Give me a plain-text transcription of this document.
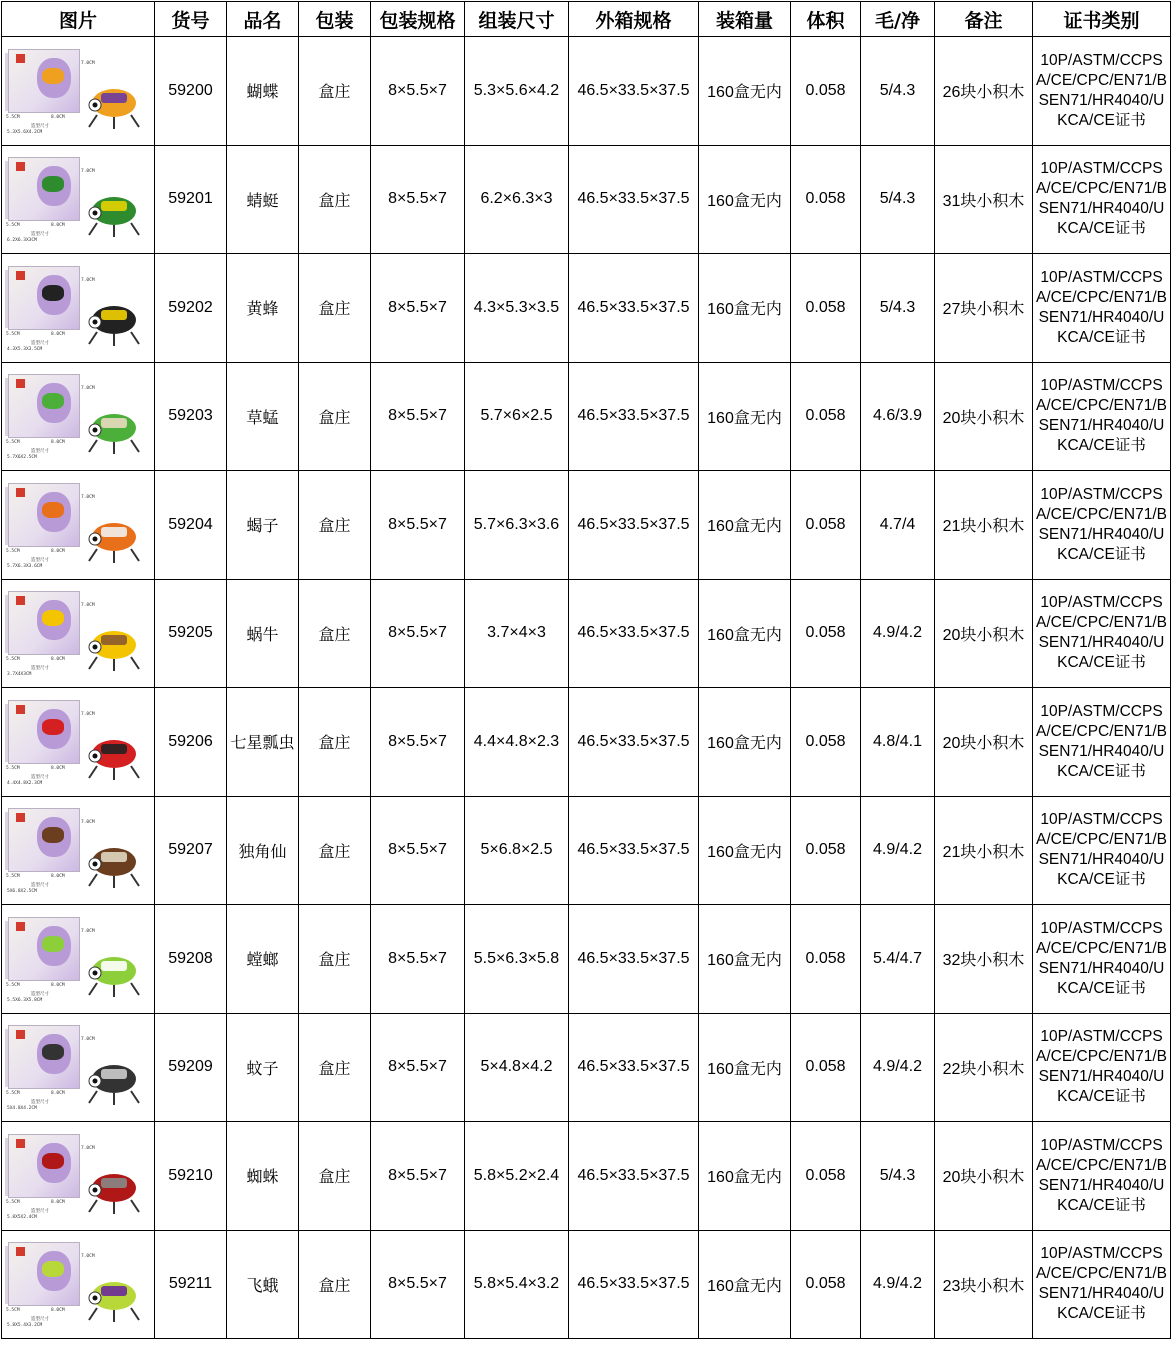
图片	货号	品名	包装	包装规格	组装尺寸	外箱规格	装箱量	体积	毛/净	备注	证书类别

7.0CM
5.5CM 8.0CM
造型尺寸
5.3X5.6X4.2CM	59200	蝴蝶	盒庄	8×5.5×7	5.3×5.6×4.2	46.5×33.5×37.5	160盒无内	0.058	5/4.3	26块小积木	10P/ASTM/CCPSA/CE/CPC/EN71/BSEN71/HR4040/UKCA/CE证书

7.0CM
5.5CM 8.0CM
造型尺寸
6.2X6.3X3CM	59201	蜻蜓	盒庄	8×5.5×7	6.2×6.3×3	46.5×33.5×37.5	160盒无内	0.058	5/4.3	31块小积木	10P/ASTM/CCPSA/CE/CPC/EN71/BSEN71/HR4040/UKCA/CE证书

7.0CM
5.5CM 8.0CM
造型尺寸
4.3X5.3X3.5CM	59202	黄蜂	盒庄	8×5.5×7	4.3×5.3×3.5	46.5×33.5×37.5	160盒无内	0.058	5/4.3	27块小积木	10P/ASTM/CCPSA/CE/CPC/EN71/BSEN71/HR4040/UKCA/CE证书

7.0CM
5.5CM 8.0CM
造型尺寸
5.7X6X2.5CM	59203	草蜢	盒庄	8×5.5×7	5.7×6×2.5	46.5×33.5×37.5	160盒无内	0.058	4.6/3.9	20块小积木	10P/ASTM/CCPSA/CE/CPC/EN71/BSEN71/HR4040/UKCA/CE证书

7.0CM
5.5CM 8.0CM
造型尺寸
5.7X6.3X3.6CM	59204	蝎子	盒庄	8×5.5×7	5.7×6.3×3.6	46.5×33.5×37.5	160盒无内	0.058	4.7/4	21块小积木	10P/ASTM/CCPSA/CE/CPC/EN71/BSEN71/HR4040/UKCA/CE证书

7.8CM
5.5CM 8.0CM
造型尺寸
3.7X4X3CM	59205	蜗牛	盒庄	8×5.5×7	3.7×4×3	46.5×33.5×37.5	160盒无内	0.058	4.9/4.2	20块小积木	10P/ASTM/CCPSA/CE/CPC/EN71/BSEN71/HR4040/UKCA/CE证书

7.0CM
5.5CM 8.0CM
造型尺寸
4.4X4.8X2.3CM	59206	七星瓢虫	盒庄	8×5.5×7	4.4×4.8×2.3	46.5×33.5×37.5	160盒无内	0.058	4.8/4.1	20块小积木	10P/ASTM/CCPSA/CE/CPC/EN71/BSEN71/HR4040/UKCA/CE证书

7.0CM
5.5CM 8.0CM
造型尺寸
5X6.8X2.5CM	59207	独角仙	盒庄	8×5.5×7	5×6.8×2.5	46.5×33.5×37.5	160盒无内	0.058	4.9/4.2	21块小积木	10P/ASTM/CCPSA/CE/CPC/EN71/BSEN71/HR4040/UKCA/CE证书

7.0CM
5.5CM 8.0CM
造型尺寸
5.5X6.3X5.8CM	59208	螳螂	盒庄	8×5.5×7	5.5×6.3×5.8	46.5×33.5×37.5	160盒无内	0.058	5.4/4.7	32块小积木	10P/ASTM/CCPSA/CE/CPC/EN71/BSEN71/HR4040/UKCA/CE证书

7.0CM
5.5CM 8.0CM
造型尺寸
5X4.8X4.2CM	59209	蚊子	盒庄	8×5.5×7	5×4.8×4.2	46.5×33.5×37.5	160盒无内	0.058	4.9/4.2	22块小积木	10P/ASTM/CCPSA/CE/CPC/EN71/BSEN71/HR4040/UKCA/CE证书

7.0CM
5.5CM 8.0CM
造型尺寸
5.8X5X2.4CM	59210	蜘蛛	盒庄	8×5.5×7	5.8×5.2×2.4	46.5×33.5×37.5	160盒无内	0.058	5/4.3	20块小积木	10P/ASTM/CCPSA/CE/CPC/EN71/BSEN71/HR4040/UKCA/CE证书

7.0CM
5.5CM 8.0CM
造型尺寸
5.8X5.4X3.2CM	59211	飞蛾	盒庄	8×5.5×7	5.8×5.4×3.2	46.5×33.5×37.5	160盒无内	0.058	4.9/4.2	23块小积木	10P/ASTM/CCPSA/CE/CPC/EN71/BSEN71/HR4040/UKCA/CE证书
